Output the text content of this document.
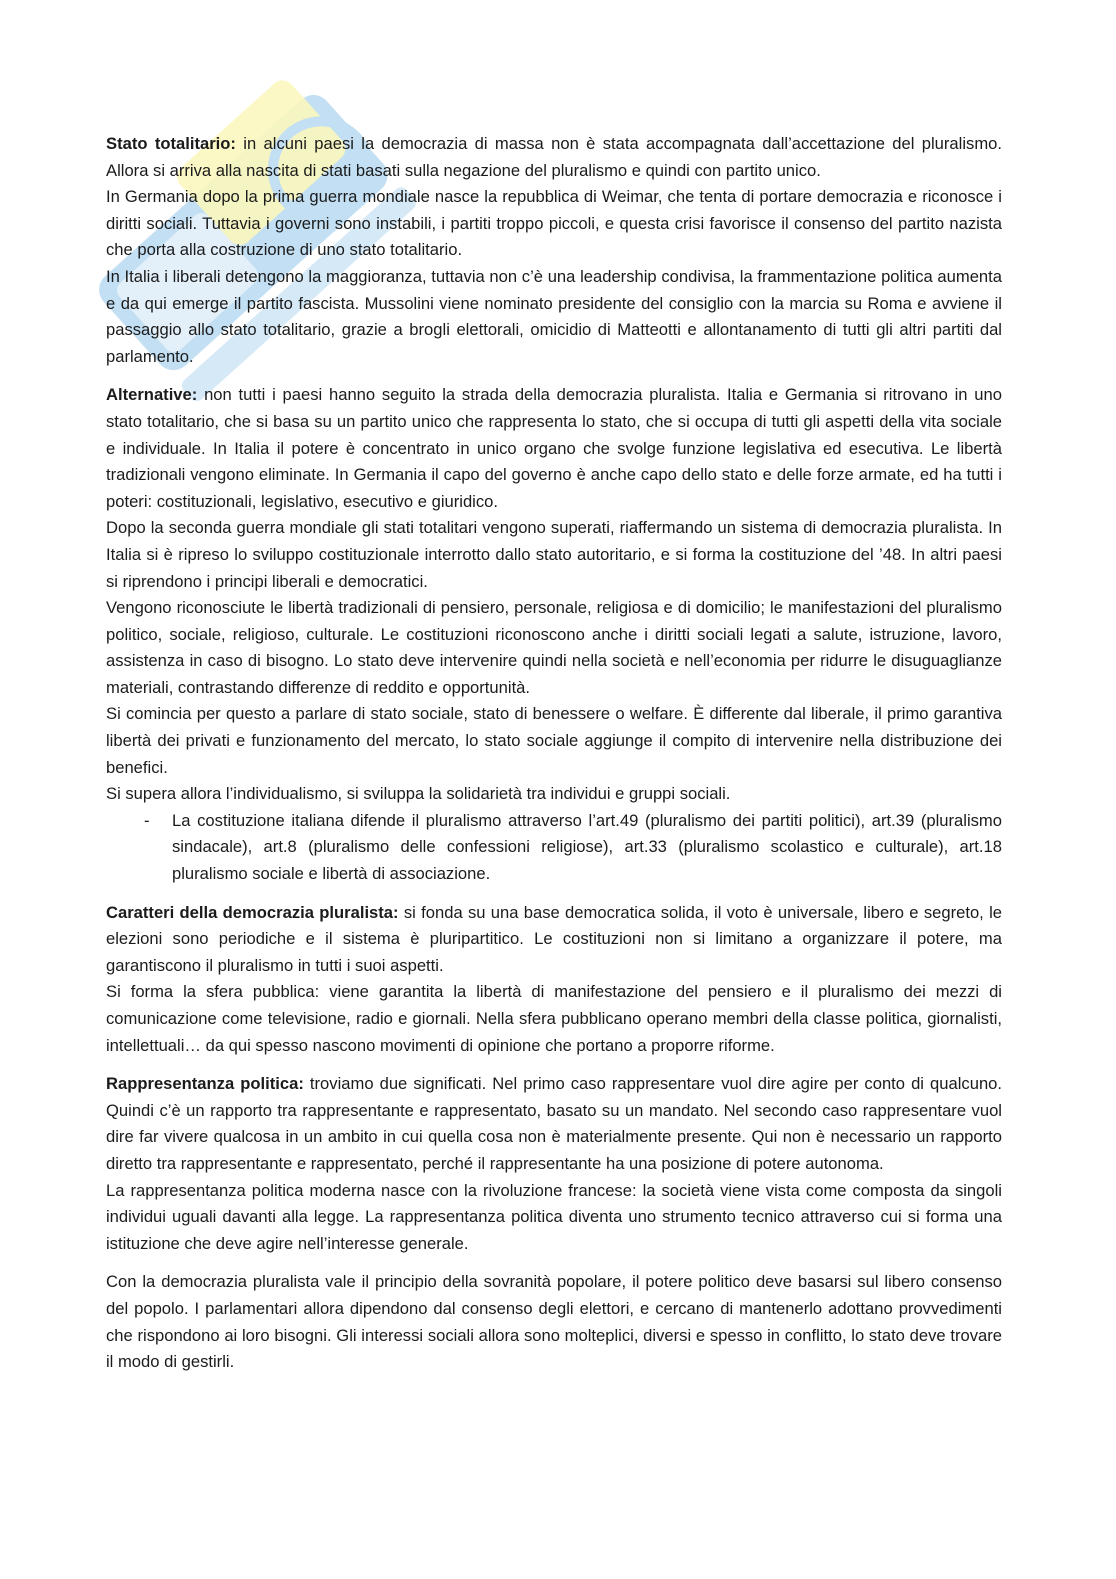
Stato totalitario: in alcuni paesi la democrazia di massa non è stata accompagnata dall’accettazione del pluralismo. Allora si arriva alla nascita di stati basati sulla negazione del pluralismo e quindi con partito unico.

In Germania dopo la prima guerra mondiale nasce la repubblica di Weimar, che tenta di portare democrazia e riconosce i diritti sociali. Tuttavia i governi sono instabili, i partiti troppo piccoli, e questa crisi favorisce il consenso del partito nazista che porta alla costruzione di uno stato totalitario.

In Italia i liberali detengono la maggioranza, tuttavia non c’è una leadership condivisa, la frammentazione politica aumenta e da qui emerge il partito fascista. Mussolini viene nominato presidente del consiglio con la marcia su Roma e avviene il passaggio allo stato totalitario, grazie a brogli elettorali, omicidio di Matteotti e allontanamento di tutti gli altri partiti dal parlamento.

Alternative: non tutti i paesi hanno seguito la strada della democrazia pluralista. Italia e Germania si ritrovano in uno stato totalitario, che si basa su un partito unico che rappresenta lo stato, che si occupa di tutti gli aspetti della vita sociale e individuale. In Italia il potere è concentrato in unico organo che svolge funzione legislativa ed esecutiva. Le libertà tradizionali vengono eliminate. In Germania il capo del governo è anche capo dello stato e delle forze armate, ed ha tutti i poteri: costituzionali, legislativo, esecutivo e giuridico.

Dopo la seconda guerra mondiale gli stati totalitari vengono superati, riaffermando un sistema di democrazia pluralista. In Italia si è ripreso lo sviluppo costituzionale interrotto dallo stato autoritario, e si forma la costituzione del ’48. In altri paesi si riprendono i principi liberali e democratici.

Vengono riconosciute le libertà tradizionali di pensiero, personale, religiosa e di domicilio; le manifestazioni del pluralismo politico, sociale, religioso, culturale. Le costituzioni riconoscono anche i diritti sociali legati a salute, istruzione, lavoro, assistenza in caso di bisogno. Lo stato deve intervenire quindi nella società e nell’economia per ridurre le disuguaglianze materiali, contrastando differenze di reddito e opportunità.

Si comincia per questo a parlare di stato sociale, stato di benessere o welfare. È differente dal liberale, il primo garantiva libertà dei privati e funzionamento del mercato, lo stato sociale aggiunge il compito di intervenire nella distribuzione dei benefici.

Si supera allora l’individualismo, si sviluppa la solidarietà tra individui e gruppi sociali.

-	La costituzione italiana difende il pluralismo attraverso l’art.49 (pluralismo dei partiti politici), art.39 (pluralismo sindacale), art.8 (pluralismo delle confessioni religiose), art.33 (pluralismo scolastico e culturale), art.18 pluralismo sociale e libertà di associazione.

Caratteri della democrazia pluralista: si fonda su una base democratica solida, il voto è universale, libero e segreto, le elezioni sono periodiche e il sistema è pluripartitico. Le costituzioni non si limitano a organizzare il potere, ma garantiscono il pluralismo in tutti i suoi aspetti.

Si forma la sfera pubblica: viene garantita la libertà di manifestazione del pensiero e il pluralismo dei mezzi di comunicazione come televisione, radio e giornali. Nella sfera pubblicano operano membri della classe politica, giornalisti, intellettuali… da qui spesso nascono movimenti di opinione che portano a proporre riforme.

Rappresentanza politica: troviamo due significati. Nel primo caso rappresentare vuol dire agire per conto di qualcuno. Quindi c’è un rapporto tra rappresentante e rappresentato, basato su un mandato. Nel secondo caso rappresentare vuol dire far vivere qualcosa in un ambito in cui quella cosa non è materialmente presente. Qui non è necessario un rapporto diretto tra rappresentante e rappresentato, perché il rappresentante ha una posizione di potere autonoma.

La rappresentanza politica moderna nasce con la rivoluzione francese: la società viene vista come composta da singoli individui uguali davanti alla legge. La rappresentanza politica diventa uno strumento tecnico attraverso cui si forma una istituzione che deve agire nell’interesse generale.

Con la democrazia pluralista vale il principio della sovranità popolare, il potere politico deve basarsi sul libero consenso del popolo. I parlamentari allora dipendono dal consenso degli elettori, e cercano di mantenerlo adottano provvedimenti che rispondono ai loro bisogni. Gli interessi sociali allora sono molteplici, diversi e spesso in conflitto, lo stato deve trovare il modo di gestirli.
